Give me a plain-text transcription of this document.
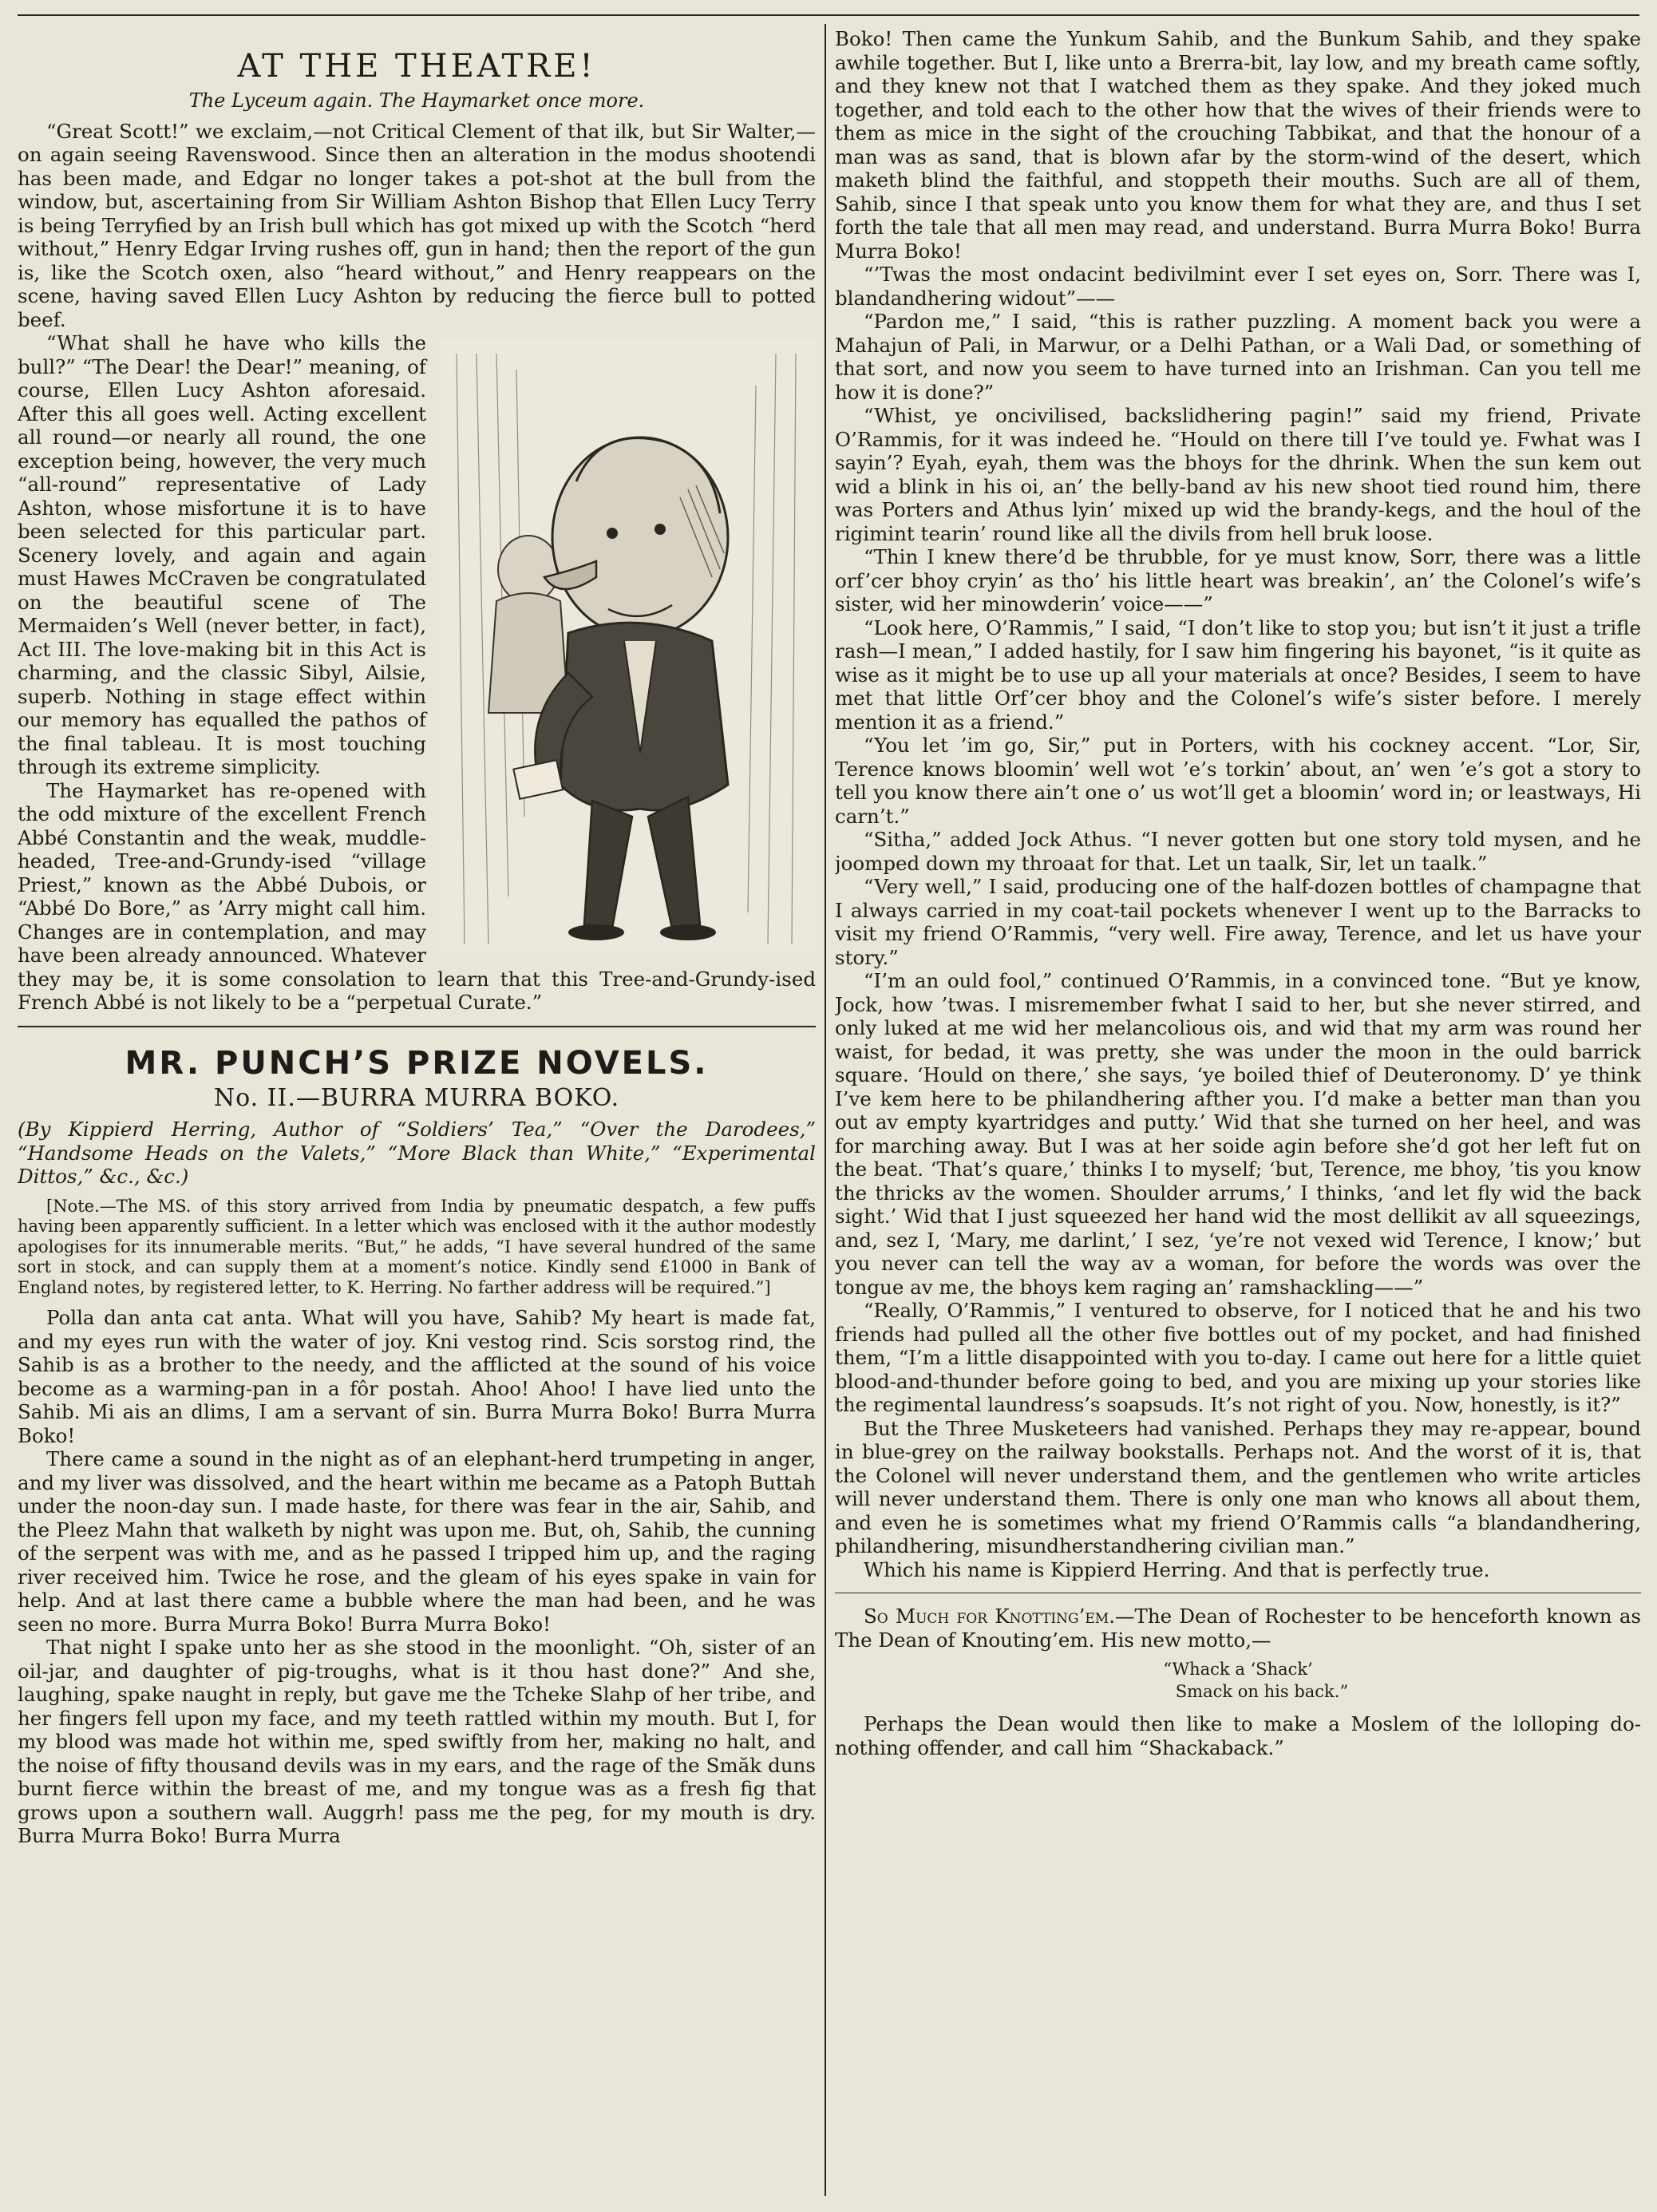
AT THE THEATRE!

The Lyceum again. The Haymarket once more.

“Great Scott!” we exclaim,—not Critical Clement of that ilk, but Sir Walter,—on again seeing Ravenswood. Since then an alteration in the modus shootendi has been made, and Edgar no longer takes a pot-shot at the bull from the window, but, ascertaining from Sir William Ashton Bishop that Ellen Lucy Terry is being Terryfied by an Irish bull which has got mixed up with the Scotch “herd without,” Henry Edgar Irving rushes off, gun in hand; then the report of the gun is, like the Scotch oxen, also “heard without,” and Henry reappears on the scene, having saved Ellen Lucy Ashton by reducing the fierce bull to potted beef.

“What shall he have who kills the bull?” “The Dear! the Dear!” meaning, of course, Ellen Lucy Ashton aforesaid. After this all goes well. Acting excellent all round—or nearly all round, the one exception being, however, the very much “all-round” representative of Lady Ashton, whose misfortune it is to have been selected for this particular part. Scenery lovely, and again and again must Hawes McCraven be congratulated on the beautiful scene of The Mermaiden’s Well (never better, in fact), Act III. The love-making bit in this Act is charming, and the classic Sibyl, Ailsie, superb. Nothing in stage effect within our memory has equalled the pathos of the final tableau. It is most touching through its extreme simplicity.

The Haymarket has re-opened with the odd mixture of the excellent French Abbé Constantin and the weak, muddle-headed, Tree-and-Grundy-ised “village Priest,” known as the Abbé Dubois, or “Abbé Do Bore,” as ’Arry might call him. Changes are in contemplation, and may have been already announced. Whatever they may be, it is some consolation to learn that this Tree-and-Grundy-ised French Abbé is not likely to be a “perpetual Curate.”

MR. PUNCH’S PRIZE NOVELS.

No. II.—BURRA MURRA BOKO.

(By Kippierd Herring, Author of “Soldiers’ Tea,” “Over the Darodees,” “Handsome Heads on the Valets,” “More Black than White,” “Experimental Dittos,” &c., &c.)

[Note.—The MS. of this story arrived from India by pneumatic despatch, a few puffs having been apparently sufficient. In a letter which was enclosed with it the author modestly apologises for its innumerable merits. “But,” he adds, “I have several hundred of the same sort in stock, and can supply them at a moment’s notice. Kindly send £1000 in Bank of England notes, by registered letter, to K. Herring. No farther address will be required.”]

Polla dan anta cat anta. What will you have, Sahib? My heart is made fat, and my eyes run with the water of joy. Kni vestog rind. Scis sorstog rind, the Sahib is as a brother to the needy, and the afflicted at the sound of his voice become as a warming-pan in a fôr postah. Ahoo! Ahoo! I have lied unto the Sahib. Mi ais an dlims, I am a servant of sin. Burra Murra Boko! Burra Murra Boko!

There came a sound in the night as of an elephant-herd trumpeting in anger, and my liver was dissolved, and the heart within me became as a Patoph Buttah under the noon-day sun. I made haste, for there was fear in the air, Sahib, and the Pleez Mahn that walketh by night was upon me. But, oh, Sahib, the cunning of the serpent was with me, and as he passed I tripped him up, and the raging river received him. Twice he rose, and the gleam of his eyes spake in vain for help. And at last there came a bubble where the man had been, and he was seen no more. Burra Murra Boko! Burra Murra Boko!

That night I spake unto her as she stood in the moonlight. “Oh, sister of an oil-jar, and daughter of pig-troughs, what is it thou hast done?” And she, laughing, spake naught in reply, but gave me the Tcheke Slahp of her tribe, and her fingers fell upon my face, and my teeth rattled within my mouth. But I, for my blood was made hot within me, sped swiftly from her, making no halt, and the noise of fifty thousand devils was in my ears, and the rage of the Smăk duns burnt fierce within the breast of me, and my tongue was as a fresh fig that grows upon a southern wall. Auggrh! pass me the peg, for my mouth is dry. Burra Murra Boko! Burra Murra

Boko! Then came the Yunkum Sahib, and the Bunkum Sahib, and they spake awhile together. But I, like unto a Brerra-bit, lay low, and my breath came softly, and they knew not that I watched them as they spake. And they joked much together, and told each to the other how that the wives of their friends were to them as mice in the sight of the crouching Tabbikat, and that the honour of a man was as sand, that is blown afar by the storm-wind of the desert, which maketh blind the faithful, and stoppeth their mouths. Such are all of them, Sahib, since I that speak unto you know them for what they are, and thus I set forth the tale that all men may read, and understand. Burra Murra Boko! Burra Murra Boko!

“’Twas the most ondacint bedivilmint ever I set eyes on, Sorr. There was I, blandandhering widout”——

“Pardon me,” I said, “this is rather puzzling. A moment back you were a Mahajun of Pali, in Marwur, or a Delhi Pathan, or a Wali Dad, or something of that sort, and now you seem to have turned into an Irishman. Can you tell me how it is done?”

“Whist, ye oncivilised, backslidhering pagin!” said my friend, Private O’Rammis, for it was indeed he. “Hould on there till I’ve tould ye. Fwhat was I sayin’? Eyah, eyah, them was the bhoys for the dhrink. When the sun kem out wid a blink in his oi, an’ the belly-band av his new shoot tied round him, there was Porters and Athus lyin’ mixed up wid the brandy-kegs, and the houl of the rigimint tearin’ round like all the divils from hell bruk loose.

“Thin I knew there’d be thrubble, for ye must know, Sorr, there was a little orf’cer bhoy cryin’ as tho’ his little heart was breakin’, an’ the Colonel’s wife’s sister, wid her minowderin’ voice——”

“Look here, O’Rammis,” I said, “I don’t like to stop you; but isn’t it just a trifle rash—I mean,” I added hastily, for I saw him fingering his bayonet, “is it quite as wise as it might be to use up all your materials at once? Besides, I seem to have met that little Orf’cer bhoy and the Colonel’s wife’s sister before. I merely mention it as a friend.”

“You let ’im go, Sir,” put in Porters, with his cockney accent. “Lor, Sir, Terence knows bloomin’ well wot ’e’s torkin’ about, an’ wen ’e’s got a story to tell you know there ain’t one o’ us wot’ll get a bloomin’ word in; or leastways, Hi carn’t.”

“Sitha,” added Jock Athus. “I never gotten but one story told mysen, and he joomped down my throaat for that. Let un taalk, Sir, let un taalk.”

“Very well,” I said, producing one of the half-dozen bottles of champagne that I always carried in my coat-tail pockets whenever I went up to the Barracks to visit my friend O’Rammis, “very well. Fire away, Terence, and let us have your story.”

“I’m an ould fool,” continued O’Rammis, in a convinced tone. “But ye know, Jock, how ’twas. I misremember fwhat I said to her, but she never stirred, and only luked at me wid her melancolious ois, and wid that my arm was round her waist, for bedad, it was pretty, she was under the moon in the ould barrick square. ‘Hould on there,’ she says, ‘ye boiled thief of Deuteronomy. D’ ye think I’ve kem here to be philandhering afther you. I’d make a better man than you out av empty kyartridges and putty.’ Wid that she turned on her heel, and was for marching away. But I was at her soide agin before she’d got her left fut on the beat. ‘That’s quare,’ thinks I to myself; ‘but, Terence, me bhoy, ’tis you know the thricks av the women. Shoulder arrums,’ I thinks, ‘and let fly wid the back sight.’ Wid that I just squeezed her hand wid the most dellikit av all squeezings, and, sez I, ‘Mary, me darlint,’ I sez, ‘ye’re not vexed wid Terence, I know;’ but you never can tell the way av a woman, for before the words was over the tongue av me, the bhoys kem raging an’ ramshackling——”

“Really, O’Rammis,” I ventured to observe, for I noticed that he and his two friends had pulled all the other five bottles out of my pocket, and had finished them, “I’m a little disappointed with you to-day. I came out here for a little quiet blood-and-thunder before going to bed, and you are mixing up your stories like the regimental laundress’s soapsuds. It’s not right of you. Now, honestly, is it?”

But the Three Musketeers had vanished. Perhaps they may re-appear, bound in blue-grey on the railway bookstalls. Perhaps not. And the worst of it is, that the Colonel will never understand them, and the gentlemen who write articles will never understand them. There is only one man who knows all about them, and even he is sometimes what my friend O’Rammis calls “a blandandhering, philandhering, misundherstandhering civilian man.”

Which his name is Kippierd Herring. And that is perfectly true.

So Much for Knotting’em.—The Dean of Rochester to be henceforth known as The Dean of Knouting’em. His new motto,—

“Whack a ‘Shack’
Smack on his back.”

Perhaps the Dean would then like to make a Moslem of the lolloping do-nothing offender, and call him “Shackaback.”
